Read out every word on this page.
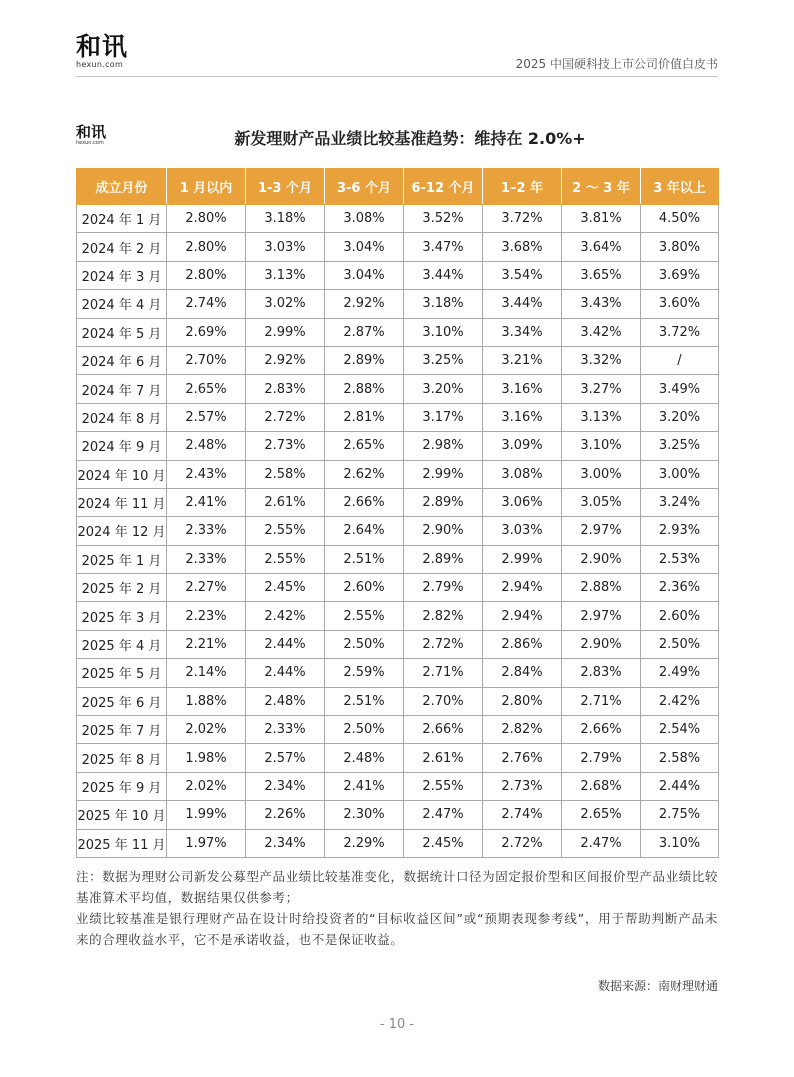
和讯
hexun.com	2025 中国硬科技上市公司价值白皮书
和讯
hexun.com	新发理财产品业绩比较基准趋势：维持在 2.0%+
成立月份	1 月以内	1-3 个月	3-6 个月	6-12 个月	1–2 年	2 ～ 3 年	3 年以上
2024 年 1 月	2.80%	3.18%	3.08%	3.52%	3.72%	3.81%	4.50%
2024 年 2 月	2.80%	3.03%	3.04%	3.47%	3.68%	3.64%	3.80%
2024 年 3 月	2.80%	3.13%	3.04%	3.44%	3.54%	3.65%	3.69%
2024 年 4 月	2.74%	3.02%	2.92%	3.18%	3.44%	3.43%	3.60%
2024 年 5 月	2.69%	2.99%	2.87%	3.10%	3.34%	3.42%	3.72%
2024 年 6 月	2.70%	2.92%	2.89%	3.25%	3.21%	3.32%	/
2024 年 7 月	2.65%	2.83%	2.88%	3.20%	3.16%	3.27%	3.49%
2024 年 8 月	2.57%	2.72%	2.81%	3.17%	3.16%	3.13%	3.20%
2024 年 9 月	2.48%	2.73%	2.65%	2.98%	3.09%	3.10%	3.25%
2024 年 10 月	2.43%	2.58%	2.62%	2.99%	3.08%	3.00%	3.00%
2024 年 11 月	2.41%	2.61%	2.66%	2.89%	3.06%	3.05%	3.24%
2024 年 12 月	2.33%	2.55%	2.64%	2.90%	3.03%	2.97%	2.93%
2025 年 1 月	2.33%	2.55%	2.51%	2.89%	2.99%	2.90%	2.53%
2025 年 2 月	2.27%	2.45%	2.60%	2.79%	2.94%	2.88%	2.36%
2025 年 3 月	2.23%	2.42%	2.55%	2.82%	2.94%	2.97%	2.60%
2025 年 4 月	2.21%	2.44%	2.50%	2.72%	2.86%	2.90%	2.50%
2025 年 5 月	2.14%	2.44%	2.59%	2.71%	2.84%	2.83%	2.49%
2025 年 6 月	1.88%	2.48%	2.51%	2.70%	2.80%	2.71%	2.42%
2025 年 7 月	2.02%	2.33%	2.50%	2.66%	2.82%	2.66%	2.54%
2025 年 8 月	1.98%	2.57%	2.48%	2.61%	2.76%	2.79%	2.58%
2025 年 9 月	2.02%	2.34%	2.41%	2.55%	2.73%	2.68%	2.44%
2025 年 10 月	1.99%	2.26%	2.30%	2.47%	2.74%	2.65%	2.75%
2025 年 11 月	1.97%	2.34%	2.29%	2.45%	2.72%	2.47%	3.10%

注：数据为理财公司新发公募型产品业绩比较基准变化，数据统计口径为固定报价型和区间报价型产品业绩比较基准算术平均值，数据结果仅供参考；

业绩比较基准是银行理财产品在设计时给投资者的“目标收益区间”或“预期表现参考线”，用于帮助判断产品未来的合理收益水平，它不是承诺收益，也不是保证收益。

数据来源：南财理财通
- 10 -
